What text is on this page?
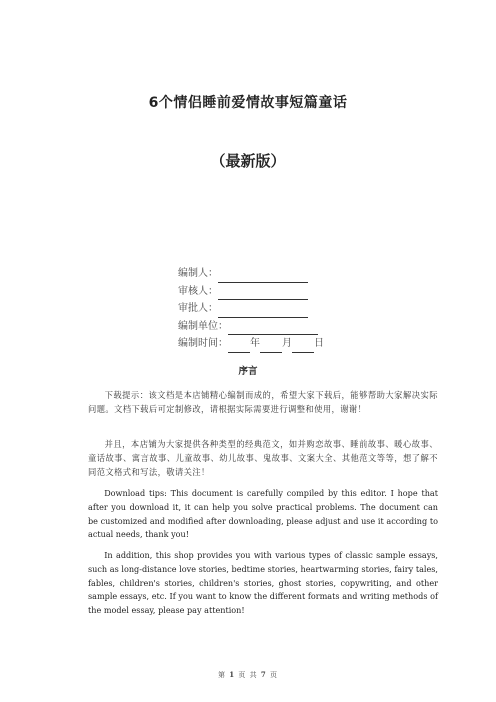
6个情侣睡前爱情故事短篇童话
（最新版）
编制人：
审核人：
审批人：
编制单位：
编制时间： 年 月 日
序言
下载提示：该文档是本店铺精心编制而成的，希望大家下载后，能够帮助大家解决实际问题。文档下载后可定制修改，请根据实际需要进行调整和使用，谢谢！
并且，本店铺为大家提供各种类型的经典范文，如并购恋故事、睡前故事、暖心故事、童话故事、寓言故事、儿童故事、幼儿故事、鬼故事、文案大全、其他范文等等，想了解不同范文格式和写法，敬请关注！
Download tips: This document is carefully compiled by this editor. I hope that after you download it, it can help you solve practical problems. The document can be customized and modified after downloading, please adjust and use it according to actual needs, thank you!
In addition, this shop provides you with various types of classic sample essays, such as long-distance love stories, bedtime stories, heartwarming stories, fairy tales, fables, children's stories, children's stories, ghost stories, copywriting, and other sample essays, etc. If you want to know the different formats and writing methods of the model essay, please pay attention!
第 1 页 共 7 页
